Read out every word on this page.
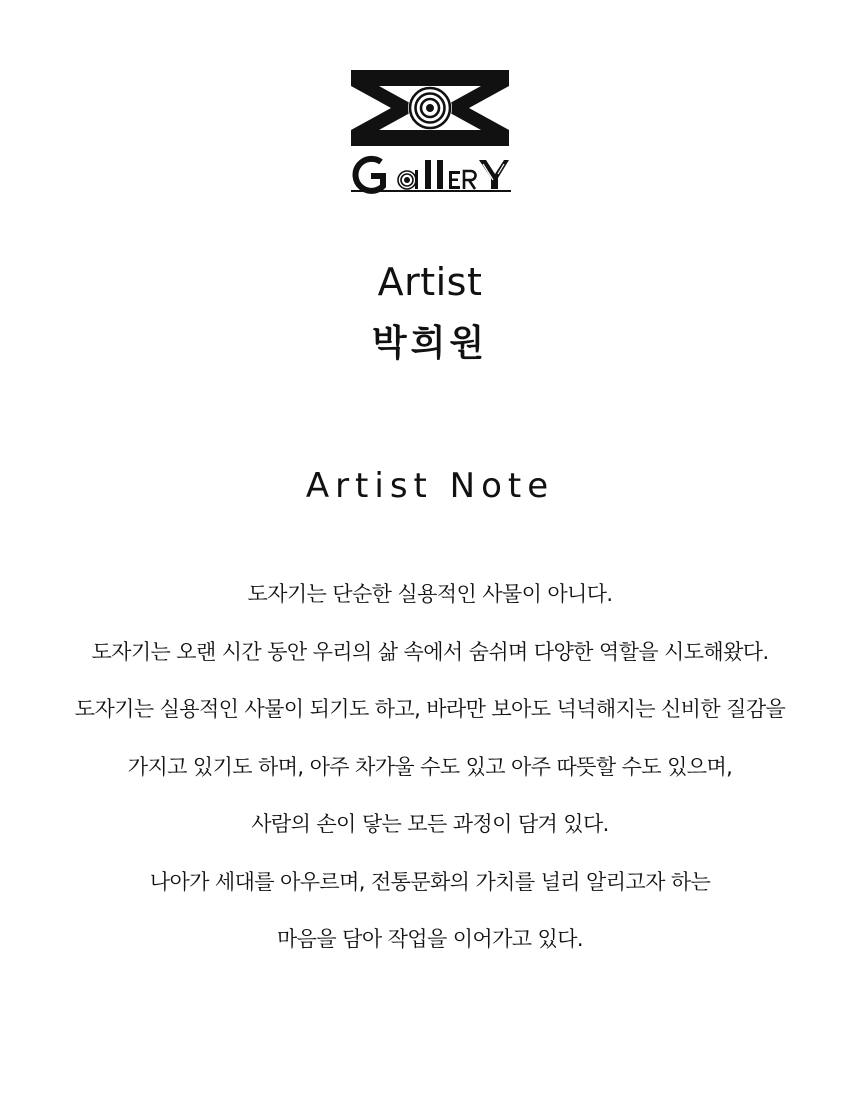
Artist
박희원
Artist Note
도자기는 단순한 실용적인 사물이 아니다.
도자기는 오랜 시간 동안 우리의 삶 속에서 숨쉬며 다양한 역할을 시도해왔다.
도자기는 실용적인 사물이 되기도 하고, 바라만 보아도 넉넉해지는 신비한 질감을
가지고 있기도 하며, 아주 차가울 수도 있고 아주 따뜻할 수도 있으며,
사람의 손이 닿는 모든 과정이 담겨 있다.
나아가 세대를 아우르며, 전통문화의 가치를 널리 알리고자 하는
마음을 담아 작업을 이어가고 있다.
